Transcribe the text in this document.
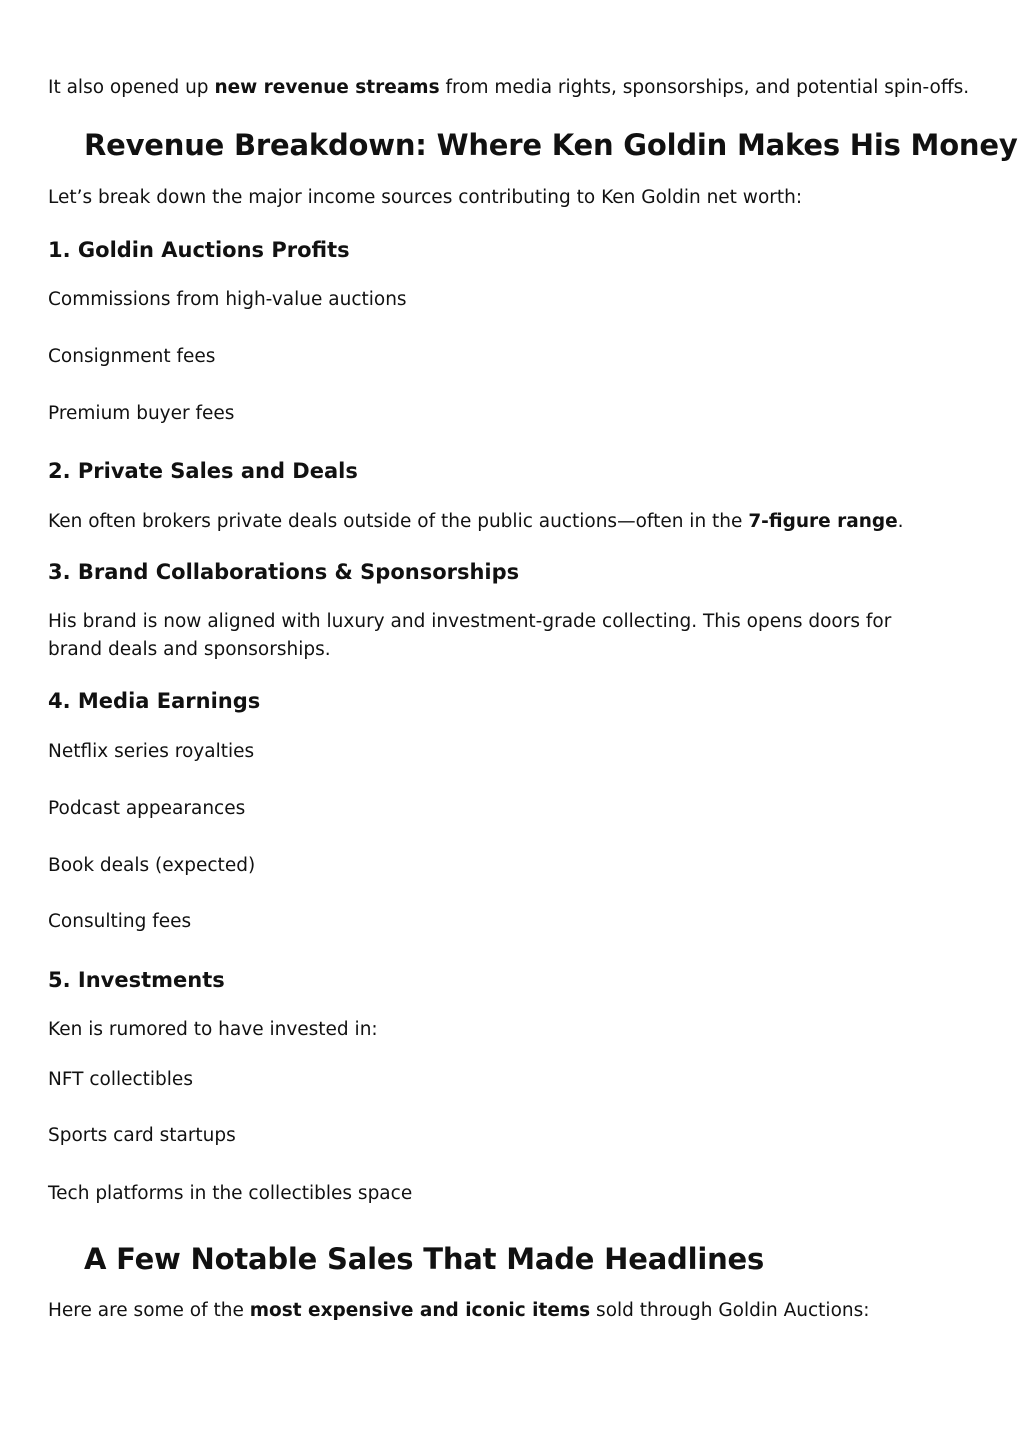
It also opened up new revenue streams from media rights, sponsorships, and potential spin-offs.

Revenue Breakdown: Where Ken Goldin Makes His Money

Let’s break down the major income sources contributing to Ken Goldin net worth:

1. Goldin Auctions Profits

Commissions from high-value auctions

Consignment fees

Premium buyer fees

2. Private Sales and Deals

Ken often brokers private deals outside of the public auctions—often in the 7-figure range.

3. Brand Collaborations & Sponsorships

His brand is now aligned with luxury and investment-grade collecting. This opens doors for brand deals and sponsorships.

4. Media Earnings

Netflix series royalties

Podcast appearances

Book deals (expected)

Consulting fees

5. Investments

Ken is rumored to have invested in:

NFT collectibles

Sports card startups

Tech platforms in the collectibles space

A Few Notable Sales That Made Headlines

Here are some of the most expensive and iconic items sold through Goldin Auctions:
